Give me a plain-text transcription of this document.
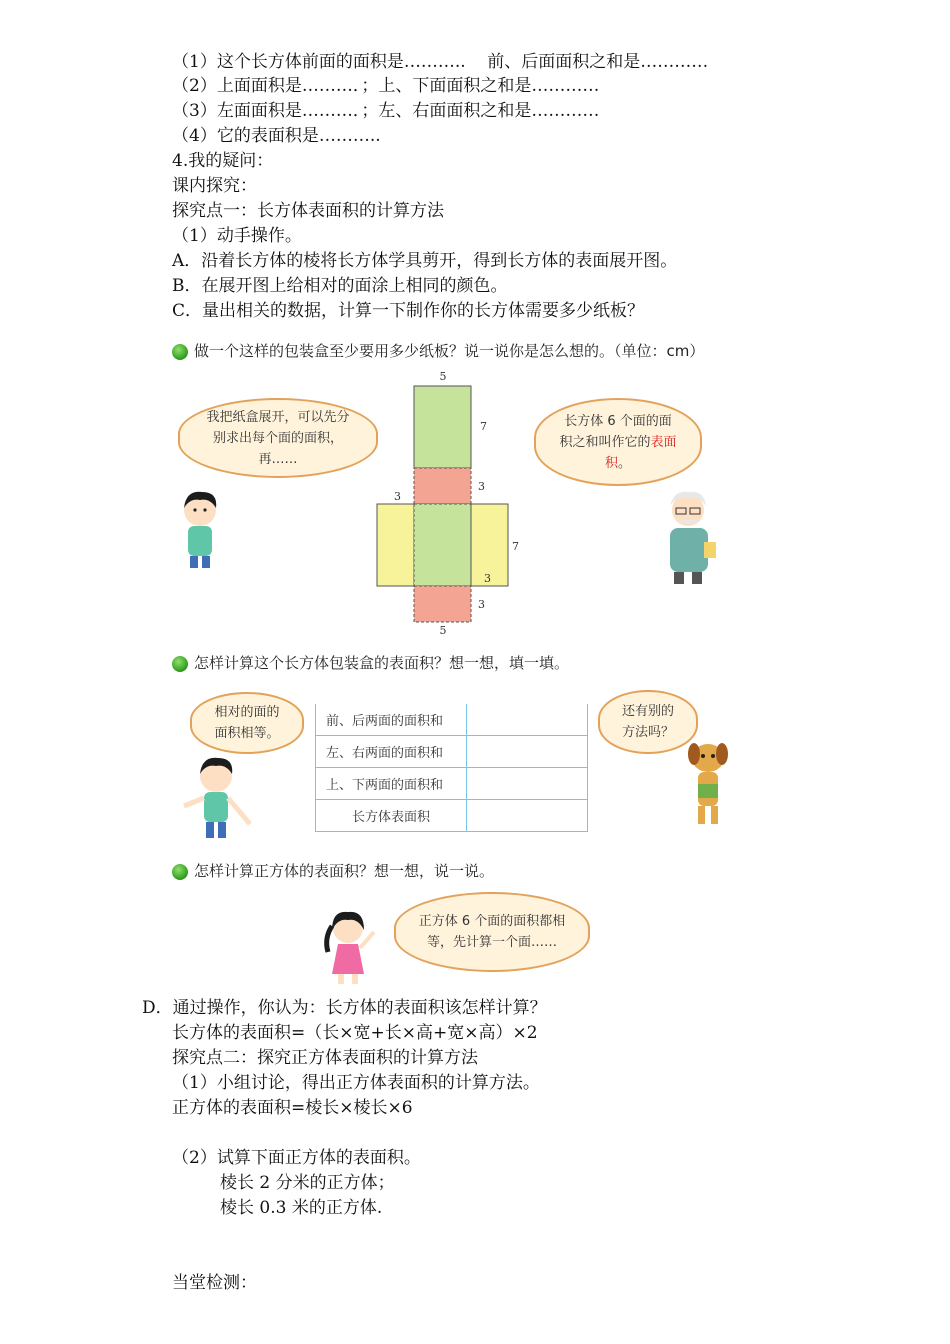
（1）这个长方体前面的面积是………..    前、后面面积之和是…………
（2）上面面积是………．；上、下面面积之和是…………
（3）左面面积是………．；左、右面面积之和是…………
（4）它的表面积是………..
4.我的疑问：
课内探究：
探究点一：长方体表面积的计算方法
（1）动手操作。
A．沿着长方体的棱将长方体学具剪开，得到长方体的表面展开图。
B．在展开图上给相对的面涂上相同的颜色。
C．量出相关的数据，计算一下制作你的长方体需要多少纸板？
做一个这样的包装盒至少要用多少纸板？说一说你是怎么想的。（单位：cm）
我把纸盒展开，可以先分别求出每个面的面积，再……
长方体 6 个面的面积之和叫作它的表面积。
5
7
3
3
7
3
3
5
怎样计算这个长方体包装盒的表面积？想一想，填一填。
相对的面的面积相等。
前、后两面的面积和	
左、右两面的面积和	
上、下两面的面积和	
长方体表面积	
还有别的方法吗？
怎样计算正方体的表面积？想一想，说一说。
正方体 6 个面的面积都相等，先计算一个面……
D．通过操作，你认为：长方体的表面积该怎样计算？
长方体的表面积=（长×宽+长×高+宽×高）×2
探究点二：探究正方体表面积的计算方法
（1）小组讨论，得出正方体表面积的计算方法。
正方体的表面积=棱长×棱长×6
（2）试算下面正方体的表面积。
棱长 2 分米的正方体；
棱长 0.3 米的正方体.
当堂检测：
